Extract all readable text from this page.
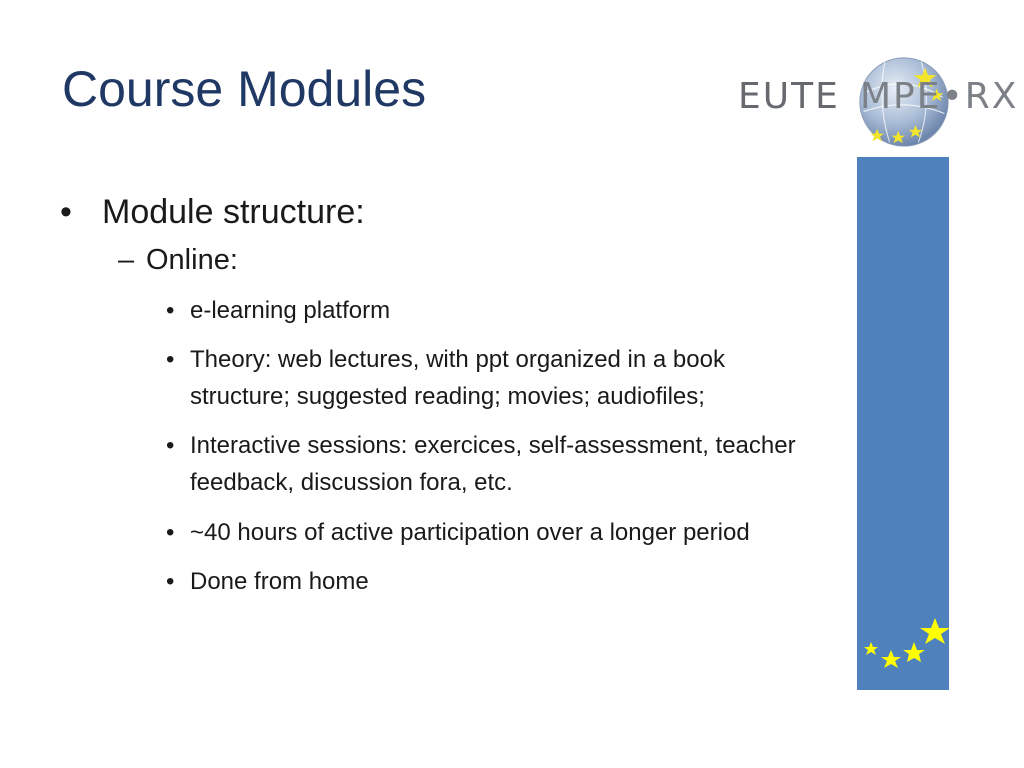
Course Modules	EUTE MPE•RX
• Module structure:
– Online:
• e-learning platform
• Theory: web lectures, with ppt organized in a book structure; suggested reading; movies; audiofiles;
• Interactive sessions: exercices, self-assessment, teacher feedback, discussion fora, etc.
• ~40 hours of active participation over a longer period
• Done from home
